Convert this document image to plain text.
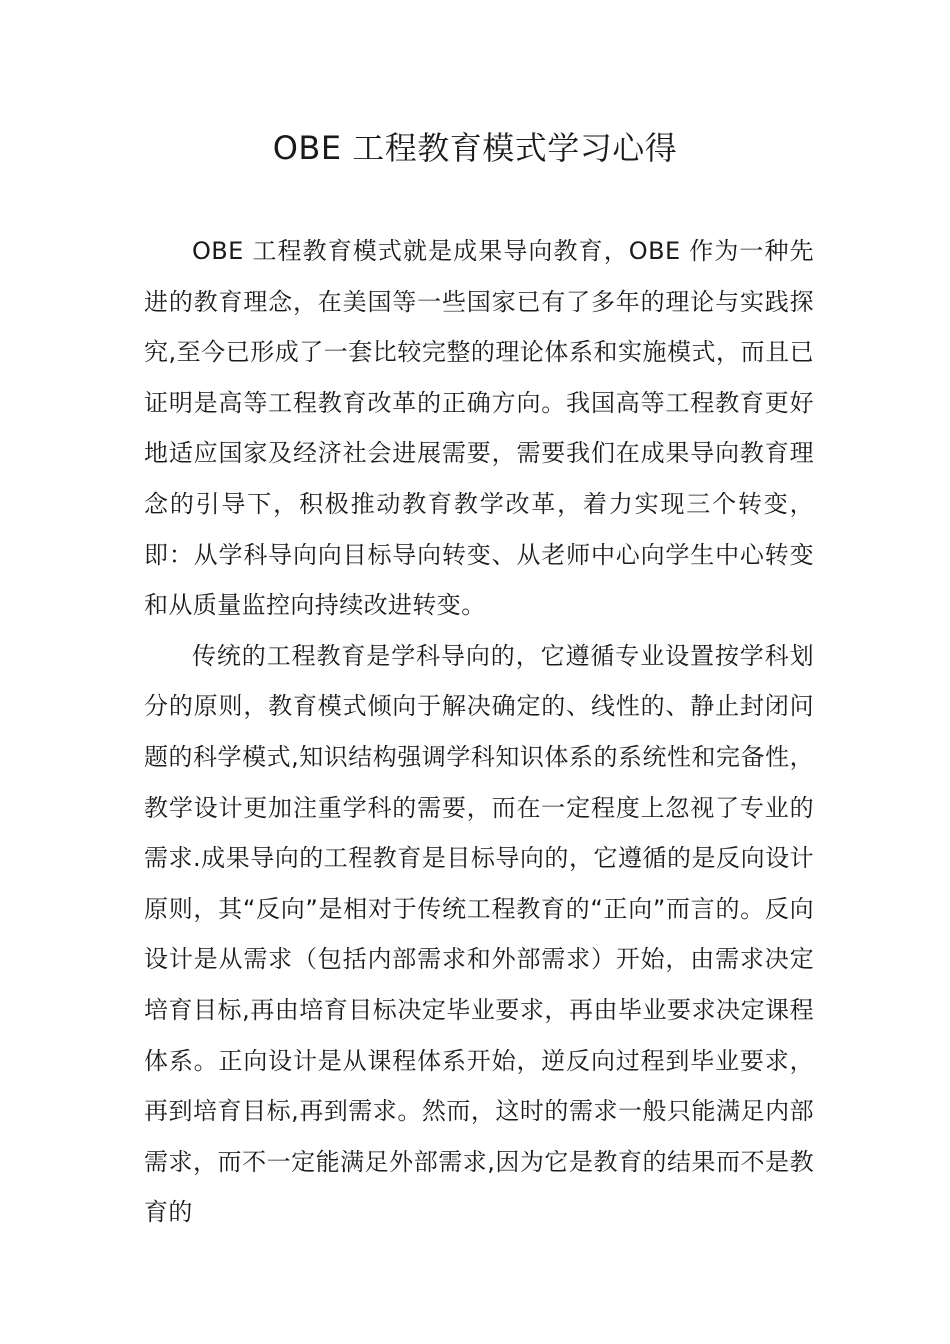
OBE 工程教育模式学习心得

OBE 工程教育模式就是成果导向教育，OBE 作为一种先进的教育理念，在美国等一些国家已有了多年的理论与实践探究,至今已形成了一套比较完整的理论体系和实施模式，而且已证明是高等工程教育改革的正确方向。我国高等工程教育更好地适应国家及经济社会进展需要，需要我们在成果导向教育理念的引导下，积极推动教育教学改革，着力实现三个转变，即：从学科导向向目标导向转变、从老师中心向学生中心转变和从质量监控向持续改进转变。

传统的工程教育是学科导向的，它遵循专业设置按学科划分的原则，教育模式倾向于解决确定的、线性的、静止封闭问题的科学模式,知识结构强调学科知识体系的系统性和完备性，教学设计更加注重学科的需要，而在一定程度上忽视了专业的需求.成果导向的工程教育是目标导向的，它遵循的是反向设计原则，其“反向”是相对于传统工程教育的“正向”而言的。反向设计是从需求（包括内部需求和外部需求）开始，由需求决定培育目标,再由培育目标决定毕业要求，再由毕业要求决定课程体系。正向设计是从课程体系开始，逆反向过程到毕业要求，再到培育目标,再到需求。然而，这时的需求一般只能满足内部需求，而不一定能满足外部需求,因为它是教育的结果而不是教育的
